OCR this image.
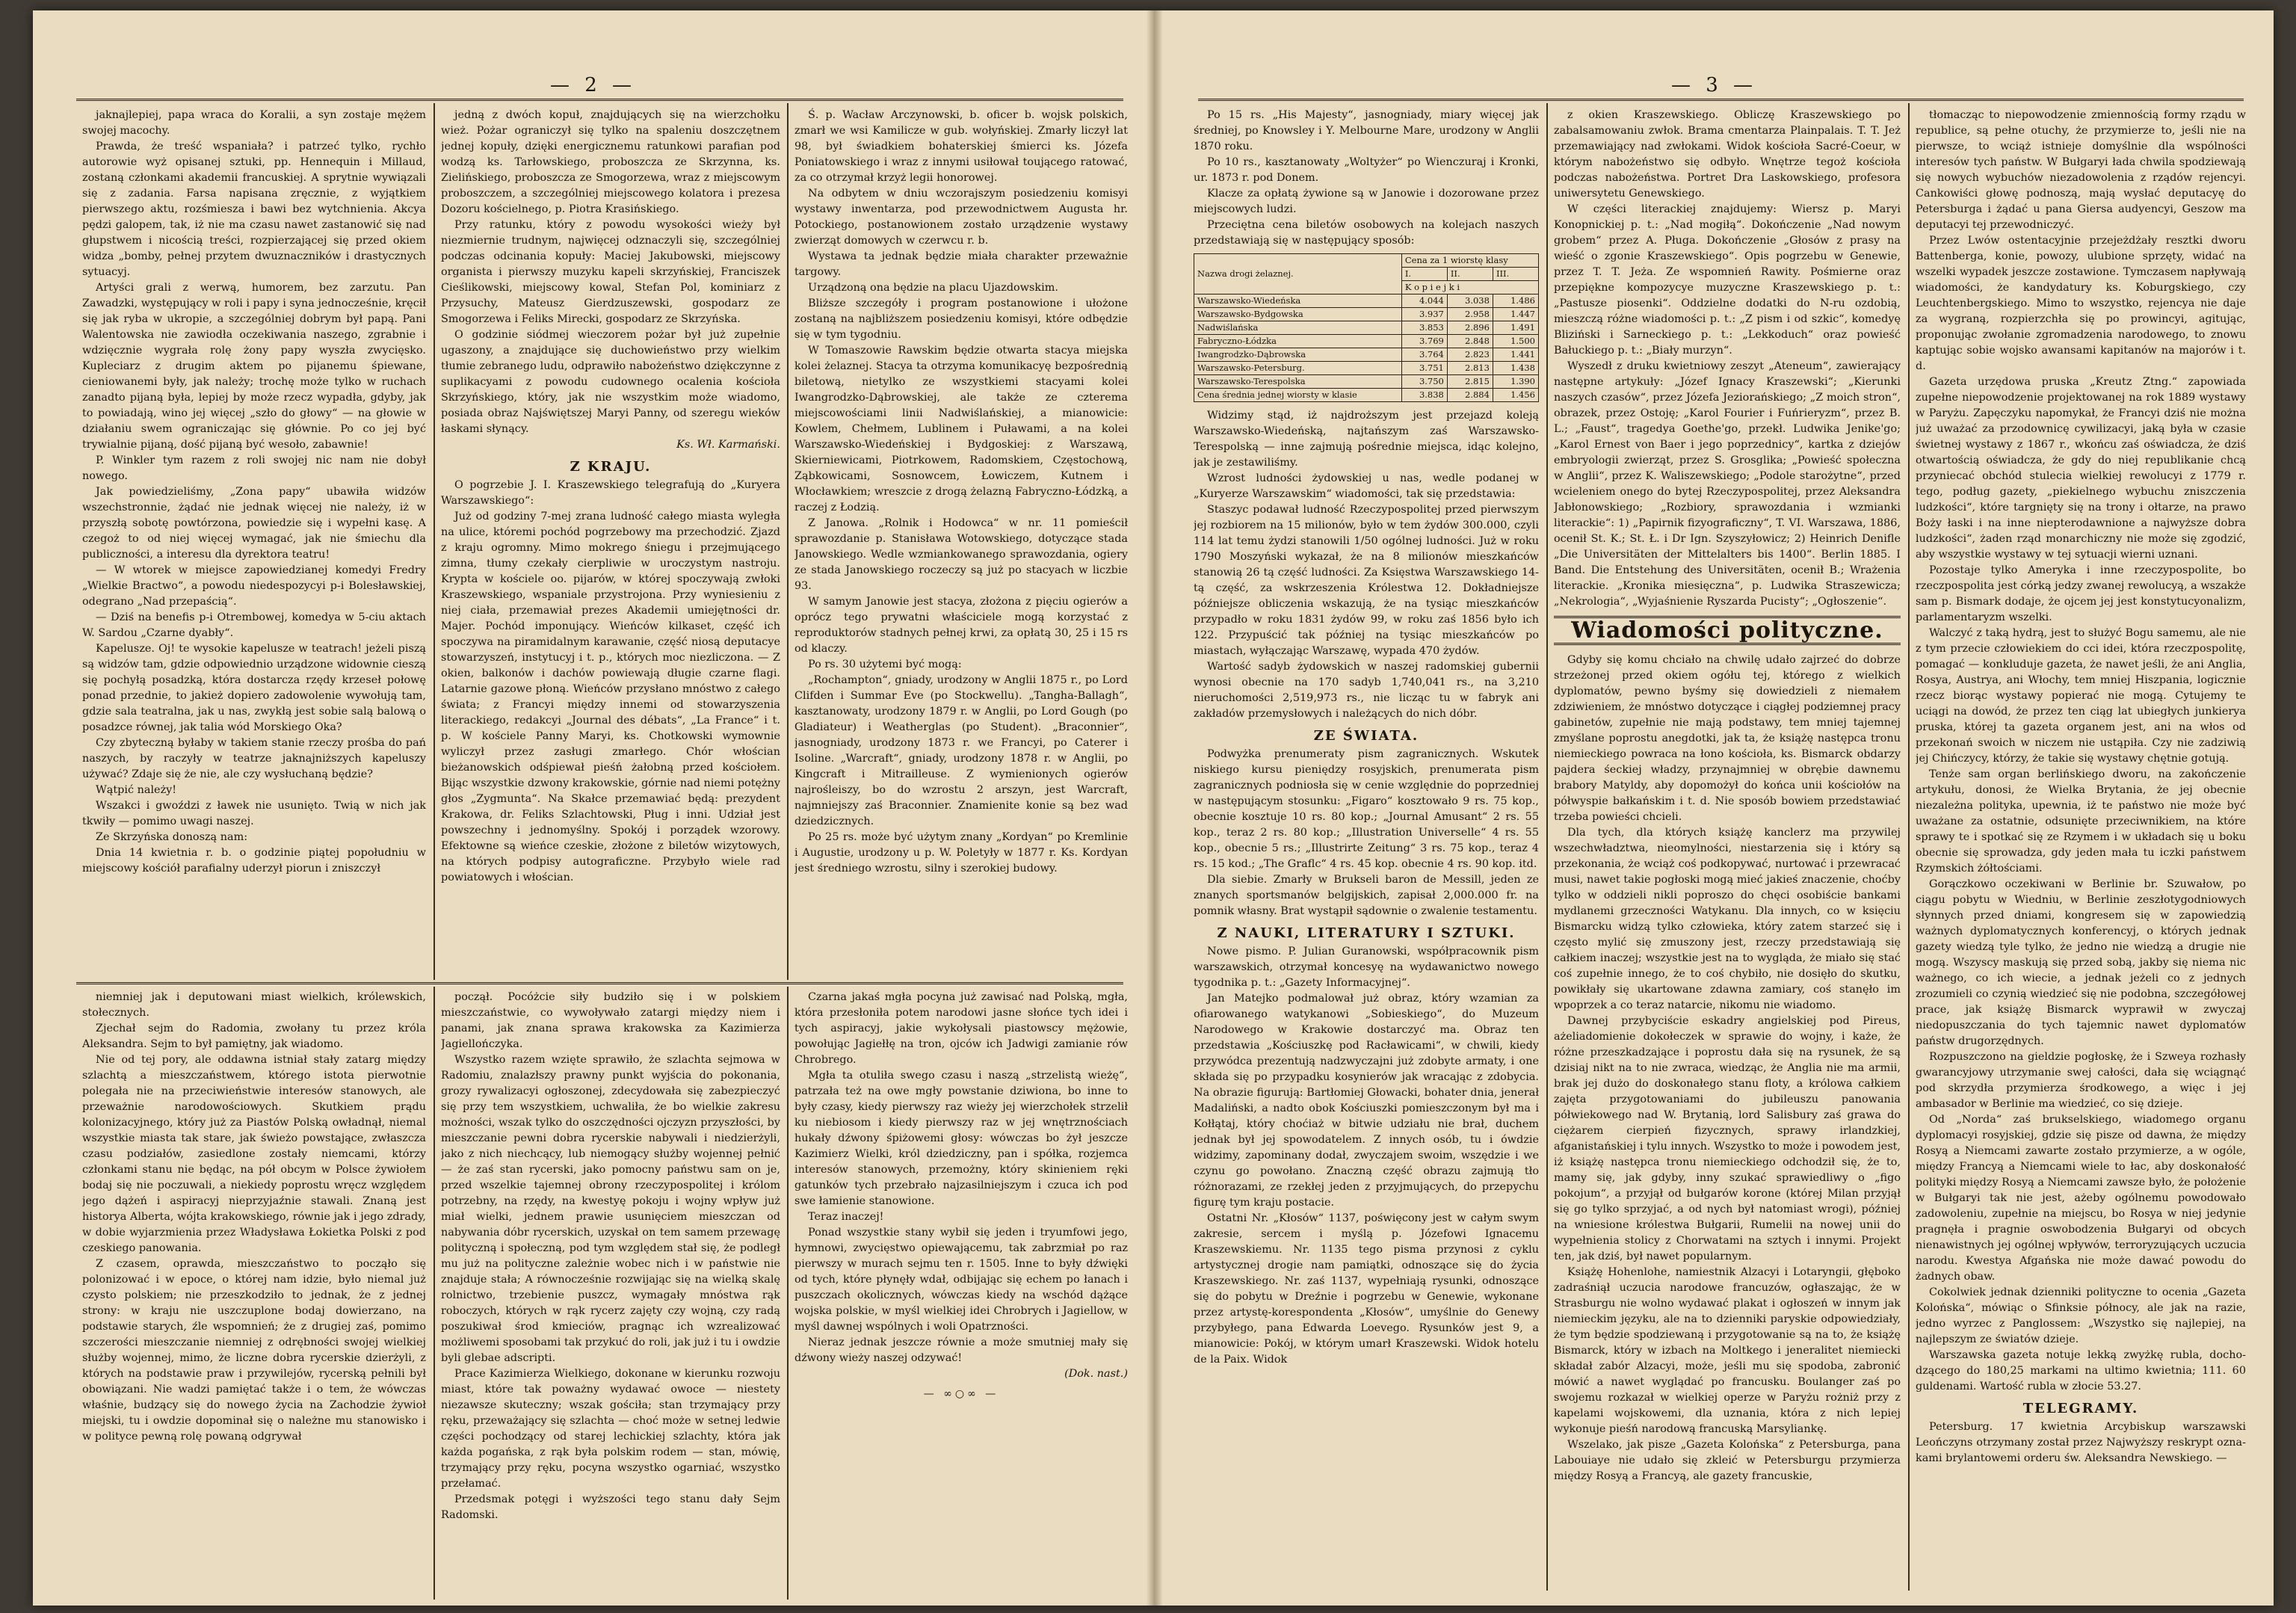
— 2 —

jaknajlepiej, papa wraca do Koralii, a syn zostaje mężem swojej macochy.

Prawda, że treść wspaniała? i patrzeć tylko, rychło autorowie wyż opisanej sztuki, pp. Hennequin i Millaud, zostaną członkami akademii francuskiej. A sprytnie wywiązali się z zadania. Farsa napisana zręcznie, z wyjątkiem pierwszego aktu, rozśmiesza i bawi bez wytchnienia. Akcya pędzi galopem, tak, iż nie ma czasu nawet zastanowić się nad głupstwem i nicością treści, rozpierzającej się przed okiem widza „bomby, pełnej przytem dwuznaczników i drastycznych sytuacyj.

Artyści grali z werwą, humorem, bez zarzutu. Pan Zawadzki, występujący w roli i papy i syna jednocześnie, kręcił się jak ryba w ukropie, a szczególniej dobrym był papą. Pani Walentowska nie zawiodła oczekiwania naszego, zgrabnie i wdzięcznie wygrała rolę żony papy wyszła zwycięsko. Kupleciarz z drugim aktem po pijanemu śpiewane, cieniowanemi były, jak należy; trochę może tylko w ruchach zanadto pijaną była, lepiej by może rzecz wypadła, gdyby, jak to powiadają, wino jej więcej „szło do głowy“ — na głowie w działaniu swem ograniczając się głównie. Po co jej być trywialnie pijaną, dość pijaną być wesoło, zabawnie!

P. Winkler tym razem z roli swojej nic nam nie dobył nowego.

Jak powiedzieliśmy, „Zona papy“ ubawiła widzów wszechstronnie, żądać nie jednak więcej nie należy, iż w przyszłą sobotę powtórzona, powiedzie się i wypełni kasę. A czegoż to od niej więcej wymagać, jak nie śmiechu dla publiczności, a interesu dla dyrektora teatru!

— W wtorek w miejsce zapowiedzianej komedyi Fredry „Wielkie Bractwo“, a powodu niedespozycyi p-i Bolesławskiej, odegrano „Nad przepaścią“.

— Dziś na benefis p-i Otrembowej, komedya w 5-ciu aktach W. Sardou „Czarne dyabły“.

Kapelusze. Oj! te wysokie kapelusze w teatrach! jeżeli piszą są widzów tam, gdzie odpowiednio urządzone widownie cieszą się pochyłą posadzką, która dostarcza rzędy krzeseł połowę ponad przednie, to jakież dopiero zadowolenie wywołują tam, gdzie sala teatralna, jak u nas, zwykłą jest sobie salą balową o posadzce równej, jak talia wód Morskiego Oka?

Czy zbyteczną byłaby w takiem stanie rzeczy prośba do pań naszych, by raczyły w teatrze jaknajniższych kapeluszy używać? Zdaje się że nie, ale czy wysłuchaną będzie?

Wątpić należy!

Wszakci i gwoździ z ławek nie usunięto. Twią w nich jak tkwiły — pomimo uwagi naszej.

Ze Skrzyńska donoszą nam:

Dnia 14 kwietnia r. b. o godzinie piątej popołudniu w miejscowy kościół parafialny uderzył piorun i zniszczył

jedną z dwóch kopuł, znajdujących się na wierzchołku wież. Pożar ograniczył się tylko na spaleniu doszczętnem jednej kopuły, dzięki energicznemu ratunkowi parafian pod wodzą ks. Tarłowskiego, proboszcza ze Skrzynna, ks. Zielińskiego, proboszcza ze Smogorzewa, wraz z miejscowym proboszczem, a szczególniej miejscowego kolatora i prezesa Dozoru kościelnego, p. Piotra Krasińskiego.

Przy ratunku, który z powodu wysokości wieży był niezmiernie trudnym, najwięcej odznaczyli się, szczególniej podczas odcinania kopuły: Maciej Jakubowski, miejscowy organista i pierwszy muzyku kapeli skrzyńskiej, Franciszek Cieślikowski, miejscowy kowal, Stefan Pol, kominiarz z Przysuchy, Mateusz Gierdzuszewski, gospodarz ze Smogorzewa i Feliks Mirecki, gospodarz ze Skrzyńska.

O godzinie siódmej wieczorem pożar był już zupełnie ugaszony, a znajdujące się duchowieństwo przy wielkim tłumie zebranego ludu, odprawiło nabożeństwo dziękczynne z suplikacyami z powodu cudownego ocalenia kościoła Skrzyńskiego, który, jak nie wszystkim może wiadomo, posiada obraz Najświętszej Maryi Panny, od szeregu wieków łaskami słynący.

Ks. Wł. Karmański.

Z KRAJU.

O pogrzebie J. I. Kraszewskiego telegrafują do „Kuryera Warszawskiego“:

Już od godziny 7-mej zrana ludność całego miasta wyległa na ulice, któremi pochód pogrzebowy ma przechodzić. Zjazd z kraju ogromny. Mimo mokrego śniegu i przejmującego zimna, tłumy czekały cierpliwie w uroczystym nastroju. Krypta w kościele oo. pijarów, w której spoczywają zwłoki Kraszewskiego, wspaniale przystrojona. Przy wyniesieniu z niej ciała, przemawiał prezes Akademii umiejętności dr. Majer. Pochód imponujący. Wieńców kilkaset, część ich spoczywa na piramidalnym karawanie, część niosą deputacye stowarzyszeń, instytucyj i t. p., których moc niezliczona. — Z okien, balkonów i dachów powiewają długie czarne flagi. Latarnie gazowe płoną. Wieńców przysłano mnóstwo z całego świata; z Francyi między innemi od stowarzyszenia literackiego, redakcyi „Journal des débats“, „La France“ i t. p. W kościele Panny Maryi, ks. Chotkowski wymownie wyliczył przez zasługi zmarłego. Chór włościan bieżanowskich odśpiewał pieśń żałobną przed kościołem. Bijąc wszystkie dzwony krakowskie, górnie nad niemi potężny głos „Zygmunta“. Na Skałce przemawiać będą: prezydent Krakowa, dr. Feliks Szlachtowski, Pług i inni. Udział jest powszechny i jednomyślny. Spokój i porządek wzorowy. Efektowne są wieńce czeskie, złożone z biletów wizytowych, na których podpisy autograficzne. Przybyło wiele rad powiatowych i włościan.

Ś. p. Wacław Arczynowski, b. oficer b. wojsk polskich, zmarł we wsi Kamilicze w gub. wołyńskiej. Zmarły liczył lat 98, był świadkiem bohaterskiej śmierci ks. Józefa Poniatowskiego i wraz z innymi usiłował toującego ratować, za co otrzymał krzyż legii honorowej.

Na odbytem w dniu wczorajszym posiedzeniu komisyi wystawy inwentarza, pod przewodnictwem Augusta hr. Potockiego, postanowionem zostało urządzenie wystawy zwierząt domowych w czerwcu r. b.

Wystawa ta jednak będzie miała charakter przeważnie targowy.

Urządzoną ona będzie na placu Ujazdowskim.

Bliższe szczegóły i program postanowione i ułożone zostaną na najbliższem posiedzeniu komisyi, które odbędzie się w tym tygodniu.

W Tomaszowie Rawskim będzie otwarta stacya miejska kolei żelaznej. Stacya ta otrzyma komunikacyę bezpośrednią biletową, nietylko ze wszystkiemi stacyami kolei Iwangrodzko-Dąbrowskiej, ale także ze czterema miejscowościami linii Nadwiślańskiej, a mianowicie: Kowlem, Chełmem, Lublinem i Puławami, a na kolei Warszawsko-Wiedeńskiej i Bydgoskiej: z Warszawą, Skierniewicami, Piotrkowem, Radomskiem, Częstochową, Ząbkowicami, Sosnowcem, Łowiczem, Kutnem i Włocławkiem; wreszcie z drogą żelazną Fabryczno-Łódzką, a raczej z Łodzią.

Z Janowa. „Rolnik i Hodowca“ w nr. 11 pomieścił sprawozdanie p. Stanisława Wotowskiego, dotyczące stada Janowskiego. Wedle wzmiankowanego sprawozdania, ogiery ze stada Janowskiego roczeczy są już po stacyach w liczbie 93.

W samym Janowie jest stacya, złożona z pięciu ogierów a oprócz tego prywatni właściciele mogą korzystać z reproduktorów stadnych pełnej krwi, za opłatą 30, 25 i 15 rs od klaczy.

Po rs. 30 użytemi być mogą:

„Rochampton“, gniady, urodzony w Anglii 1875 r., po Lord Clifden i Summar Eve (po Stockwellu). „Tangha-Ballagh“, kasztanowaty, urodzony 1879 r. w Anglii, po Lord Gough (po Gladiateur) i Weatherglas (po Student). „Braconnier“, jasnogniady, urodzony 1873 r. we Francyi, po Caterer i Isoline. „Warcraft“, gniady, urodzony 1878 r. w Anglii, po Kingcraft i Mitrailleuse. Z wymienionych ogierów najrośleiszy, bo do wzrostu 2 arszyn, jest Warcraft, najmniejszy zaś Braconnier. Znamienite konie są bez wad dziedzicznych.

Po 25 rs. może być użytym znany „Kordyan“ po Kremlinie i Augustie, urodzony u p. W. Poletyły w 1877 r. Ks. Kordyan jest średniego wzrostu, silny i szerokiej budowy.

niemniej jak i deputowani miast wielkich, królewskich, stołecznych.

Zjechał sejm do Radomia, zwołany tu przez króla Aleksandra. Sejm to był pamiętny, jak wiadomo.

Nie od tej pory, ale oddawna istniał stały zatarg między szlachtą a mieszczaństwem, którego istota pierwotnie polegała nie na przeciwieństwie interesów stanowych, ale przeważnie narodowościowych. Skutkiem prądu kolonizacyjnego, który już za Piastów Polską owładnął, niemal wszystkie miasta tak stare, jak świeżo powstające, zwłaszcza czasu podziałów, zasiedlone zostały niemcami, którzy członkami stanu nie będąc, na pół obcym w Polsce żywiołem bodaj się nie poczuwali, a niekiedy poprostu wręcz względem jego dążeń i aspiracyj nieprzyjaźnie stawali. Znaną jest historya Alberta, wójta krakowskiego, równie jak i jego zdrady, w dobie wyjarzmienia przez Władysława Łokietka Polski z pod czeskiego panowania.

Z czasem, oprawda, mieszczaństwo to począło się polonizować i w epoce, o której nam idzie, było niemal już czysto polskiem; nie przeszkodziło to jednak, że z jednej strony: w kraju nie uszczuplone bodaj dowierzano, na podstawie starych, źle wspomnień; że z drugiej zaś, pomimo szczerości mieszczanie niemniej z odrębności swojej wielkiej służby wojennej, mimo, że liczne dobra rycerskie dzierżyli, z których na podstawie praw i przywilejów, rycerską pełnili był obowiązani. Nie wadzi pamiętać także i o tem, że wówczas właśnie, budzący się do nowego życia na Zachodzie żywioł miejski, tu i owdzie dopominał się o należne mu stanowisko i w polityce pewną rolę powaną odgrywał

począł. Pocóżcie siły budziło się i w polskiem mieszczaństwie, co wywoływało zatargi między niem i panami, jak znana sprawa krakowska za Kazimierza Jagiellończyka.

Wszystko razem wzięte sprawiło, że szlachta sejmowa w Radomiu, znalazłszy prawny punkt wyjścia do pokonania, grozy rywalizacyi ogłoszonej, zdecydowała się zabezpieczyć się przy tem wszystkiem, uchwaliła, że bo wielkie zakresu możności, wszak tylko do oszczędności ojczyzn przyszłości, by mieszczanie pewni dobra rycerskie nabywali i niedzierżyli, jako z nich niechcący, lub niemogący służby wojennej pełnić — że zaś stan rycerski, jako pomocny państwu sam on je, przed wszelkie tajemnej obrony rzeczypospolitej i królom potrzebny, na rzędy, na kwestyę pokoju i wojny wpływ już miał wielki, jednem prawie usunięciem mieszczan od nabywania dóbr rycerskich, uzyskał on tem samem przewagę polityczną i społeczną, pod tym względem stał się, że podległ mu już na polityczne zależnie wobec nich i w państwie nie znajduje stała; A równocześnie rozwijając się na wielką skalę rolnictwo, trzebienie puszcz, wymagały mnóstwa rąk roboczych, których w rąk rycerz zajęty czy wojną, czy radą poszukiwał środ kmieciów, pragnąc ich wzrealizować możliwemi sposobami tak przykuć do roli, jak już i tu i owdzie byli glebae adscripti.

Prace Kazimierza Wielkiego, dokonane w kierunku rozwoju miast, które tak poważny wydawać owoce — niestety niezawsze skuteczny; wszak gościła; stan trzymający przy ręku, przeważający się szlachta — choć może w setnej ledwie części pochodzący od starej lechickiej szlachty, która jak każda pogańska, z rąk była polskim rodem — stan, mówię, trzymający przy ręku, pocyna wszystko ogarniać, wszystko przełamać.

Przedsmak potęgi i wyższości tego stanu dały Sejm Radomski.

Czarna jakaś mgła pocyna już zawisać nad Polską, mgła, która przesłoniła potem narodowi jasne słońce tych idei i tych aspiracyj, jakie wykołysali piastowscy mężowie, powołując Jagiełłę na tron, ojców ich Jadwigi zamianie rów Chrobrego.

Mgła ta otuliła swego czasu i naszą „strzelistą wieżę“, patrzała też na owe mgły powstanie dziwiona, bo inne to były czasy, kiedy pierwszy raz wieży jej wierzchołek strzelił ku niebiosom i kiedy pierwszy raz w jej wnętrznościach hukały dźwony śpiżowemi głosy: wówczas bo żył jeszcze Kazimierz Wielki, król dziedziczny, pan i spółka, rozjemca interesów stanowych, przemożny, który skinieniem ręki gatunków tych przebrało najzasilniejszym i czuca ich pod swe łamienie stanowione.

Teraz inaczej!

Ponad wszystkie stany wybił się jeden i tryumfowi jego, hymnowi, zwycięstwo opiewającemu, tak zabrzmiał po raz pierwszy w murach sejmu ten r. 1505. Inne to były dźwięki od tych, które płynęły wdał, odbijając się echem po łanach i puszczach okolicznych, wówczas kiedy na wschód dążące wojska polskie, w myśl wielkiej idei Chrobrych i Jagiellow, w myśl dawnej wspólnych i woli Opatrzności.

Nieraz jednak jeszcze równie a może smutniej mały się dźwony wieży naszej odzywać!

(Dok. nast.)

— ∞○∞ —
— 3 —

Po 15 rs. „His Majesty“, jasnogniady, miary więcej jak średniej, po Knowsley i Y. Melbourne Mare, urodzony w Anglii 1870 roku.

Po 10 rs., kasztanowaty „Woltyżer“ po Wienczuraj i Kronki, ur. 1873 r. pod Donem.

Klacze za opłatą żywione są w Janowie i dozorowane przez miejscowych ludzi.

Przeciętna cena biletów osobowych na kolejach naszych przedstawiają się w następujący sposób:

Nazwa drogi żelaznej.	Cena za 1 wiorstę klasy		
	I.	II.	III.
	K o p i e j k i		
Warszawsko-Wiedeńska	4.044	3.038	1.486
Warszawsko-Bydgowska	3.937	2.958	1.447
Nadwiślańska	3.853	2.896	1.491
Fabryczno-Łódzka	3.769	2.848	1.500
Iwangrodzko-Dąbrowska	3.764	2.823	1.441
Warszawsko-Petersburg.	3.751	2.813	1.438
Warszawsko-Terespolska	3.750	2.815	1.390
Cena średnia jednej wiorsty w klasie	3.838	2.884	1.456

Widzimy stąd, iż najdroższym jest przejazd koleją Warszawsko-Wiedeńską, najtańszym zaś Warszawsko-Terespolską — inne zajmują pośrednie miejsca, idąc kolejno, jak je zestawiliśmy.

Wzrost ludności żydowskiej u nas, wedle podanej w „Kuryerze Warszawskim“ wiadomości, tak się przedstawia:

Staszyc podawał ludność Rzeczypospolitej przed pierwszym jej rozbiorem na 15 milionów, było w tem żydów 300.000, czyli 114 lat temu żydzi stanowili 1/50 ogólnej ludności. Już w roku 1790 Moszyński wykazał, że na 8 milionów mieszkańców stanowią 26 tą część ludności. Za Księstwa Warszawskiego 14-tą część, za wskrzeszenia Królestwa 12. Dokładniejsze późniejsze obliczenia wskazują, że na tysiąc mieszkańców przypadło w roku 1831 żydów 99, w roku zaś 1856 było ich 122. Przypuścić tak później na tysiąc mieszkańców po miastach, wyłączając Warszawę, wypada 470 żydów.

Wartość sadyb żydowskich w naszej radomskiej gubernii wynosi obecnie na 170 sadyb 1,740,041 rs., na 3,210 nieruchomości 2,519,973 rs., nie licząc tu w fabryk ani zakładów przemysłowych i należących do nich dóbr.

ZE ŚWIATA.

Podwyżka prenumeraty pism zagranicznych. Wskutek niskiego kursu pieniędzy rosyjskich, prenumerata pism zagranicznych podniosła się w cenie względnie do poprzedniej w następującym stosunku: „Figaro“ kosztowało 9 rs. 75 kop., obecnie kosztuje 10 rs. 80 kop.; „Journal Amusant“ 2 rs. 55 kop., teraz 2 rs. 80 kop.; „Illustration Universelle“ 4 rs. 55 kop., obecnie 5 rs.; „Illustrirte Zeitung“ 3 rs. 75 kop., teraz 4 rs. 15 kod.; „The Graflc“ 4 rs. 45 kop. obecnie 4 rs. 90 kop. itd.

Dla siebie. Zmarły w Brukseli baron de Messill, jeden ze znanych sportsmanów belgijskich, zapisał 2,000.000 fr. na pomnik własny. Brat wystąpił sądownie o zwalenie testamentu.

Z NAUKI, LITERATURY I SZTUKI.

Nowe pismo. P. Julian Guranowski, współpracownik pism warszawskich, otrzymał koncesyę na wydawanictwo nowego tygodnika p. t.: „Gazety Informacyjnej“.

Jan Matejko podmalował już obraz, który wzamian za ofiarowanego watykanowi „Sobieskiego“, do Muzeum Narodowego w Krakowie dostarczyć ma. Obraz ten przedstawia „Kościuszkę pod Racławicami“, w chwili, kiedy przywódca prezentują nadzwyczajni już zdobyte armaty, i one składa się po przypadku kosynierów jak wracając z zdobycia. Na obrazie figurują: Bartłomiej Głowacki, bohater dnia, jenerał Madaliński, a nadto obok Kościuszki pomieszczonym był ma i Kołłątaj, który choćiaż w bitwie udziału nie brał, duchem jednak był jej spowodatelem. Z innych osób, tu i ówdzie widzimy, zapominany dodał, zwyczajem swoim, wszędzie i we czynu go powołano. Znaczną część obrazu zajmują tło różnorazami, ze rzekłej jeden z przyjmujących, do przepychu figurę tym kraju postacie.

Ostatni Nr. „Kłosów“ 1137, poświęcony jest w całym swym zakresie, sercem i myślą p. Józefowi Ignacemu Kraszewskiemu. Nr. 1135 tego pisma przynosi z cyklu artystycznej drogie nam pamiątki, odnoszące się do życia Kraszewskiego. Nr. zaś 1137, wypełniają rysunki, odnoszące się do pobytu w Dreźnie i pogrzebu w Genewie, wykonane przez artystę-korespondenta „Kłosów“, umyślnie do Genewy przybyłego, pana Edwarda Loevego. Rysunków jest 9, a mianowicie: Pokój, w którym umarł Kraszewski. Widok hotelu de la Paix. Widok

z okien Kraszewskiego. Obliczę Kraszewskiego po zabalsamowaniu zwłok. Brama cmentarza Plainpalais. T. T. Jeż przemawiający nad zwłokami. Widok kościoła Sacré-Coeur, w którym nabożeństwo się odbyło. Wnętrze tegoż kościoła podczas nabożeństwa. Portret Dra Laskowskiego, profesora uniwersytetu Genewskiego.

W części literackiej znajdujemy: Wiersz p. Maryi Konopnickiej p. t.: „Nad mogiłą“. Dokończenie „Nad nowym grobem“ przez A. Pługa. Dokończenie „Głosów z prasy na wieść o zgonie Kraszewskiego“. Opis pogrzebu w Genewie, przez T. T. Jeża. Ze wspomnień Rawity. Pośmierne oraz przepiękne kompozycye muzyczne Kraszewskiego p. t.: „Pastusze piosenki“. Oddzielne dodatki do N-ru ozdobią, mieszczą różne wiadomości p. t.: „Z pism i od szkic“, komedyę Bliziński i Sarneckiego p. t.: „Lekkoduch“ oraz powieść Bałuckiego p. t.: „Biały murzyn“.

Wyszedł z druku kwietniowy zeszyt „Ateneum“, zawierający następne artykuły: „Józef Ignacy Kraszewski“; „Kierunki naszych czasów“, przez Józefa Jeziorańskiego; „Z moich stron“, obrazek, przez Ostoję; „Karol Fourier i Fuńrieryzm“, przez B. L.; „Faust“, tragedya Goethe'go, przekł. Ludwika Jenike'go; „Karol Ernest von Baer i jego poprzednicy“, kartka z dziejów embryologii zwierząt, przez S. Grosglika; „Powieść społeczna w Anglii“, przez K. Waliszewskiego; „Podole starożytne“, przed wcieleniem onego do bytej Rzeczypospolitej, przez Aleksandra Jabłonowskiego; „Rozbiory, sprawozdania i wzmianki literackie“: 1) „Papirnik fizyograficzny“, T. VI. Warszawa, 1886, ocenił St. K.; St. Ł. i Dr Ign. Szyszyłowicz; 2) Heinrich Denifle „Die Universitäten der Mittelalters bis 1400“. Berlin 1885. I Band. Die Entstehung des Universitäten, ocenił B.; Wrażenia literackie. „Kronika miesięczna“, p. Ludwika Straszewicza; „Nekrologia“, „Wyjaśnienie Ryszarda Pucisty“; „Ogłoszenie“.

Wiadomości polityczne.

Gdyby się komu chciało na chwilę udało zajrzeć do dobrze strzeżonej przed okiem ogółu tej, którego z wielkich dyplomatów, pewno byśmy się dowiedzieli z niemałem zdziwieniem, że mnóstwo dotyczące i ciągłej podziemnej pracy gabinetów, zupełnie nie mają podstawy, tem mniej tajemnej zmyślane poprostu anegdotki, jak ta, że książę następca tronu niemieckiego powraca na łono kościoła, ks. Bismarck obdarzy pajdera śeckiej władzy, przynajmniej w obrębie dawnemu brabory Matyldy, aby dopomożył do końca unii kościołów na półwyspie bałkańskim i t. d. Nie sposób bowiem przedstawiać trzeba powieści chcieli.

Dla tych, dla których książę kanclerz ma przywilej wszechwładztwa, nieomylności, niestarzenia się i który są przekonania, że wciąż coś podkopywać, nurtować i przewracać musi, nawet takie pogłoski mogą mieć jakieś znaczenie, choćby tylko w oddzieli nikli poproszo do chęci osobiście bankami mydlanemi grzeczności Watykanu. Dla innych, co w księciu Bismarcku widzą tylko człowieka, który zatem starzeć się i często mylić się zmuszony jest, rzeczy przedstawiają się całkiem inaczej; wszystkie jest na to wygląda, że miało się stać coś zupełnie innego, że to coś chybiło, nie dosięło do skutku, powikłały się ukartowane zdawna zamiary, coś stanęło im wpoprzek a co teraz natarcie, nikomu nie wiadomo.

Dawnej przybyciście eskadry angielskiej pod Pireus, ażeliadomienie dokołeczek w sprawie do wojny, i każe, że różne przeszkadzające i poprostu dała się na rysunek, że są dzisiaj nikt na to nie zwraca, wiedząc, że Anglia nie ma armii, brak jej dużo do doskonałego stanu floty, a królowa całkiem zajęta przygotowaniami do jubileuszu panowania półwiekowego nad W. Brytanią, lord Salisbury zaś grawa do ciężarem cierpień fizycznych, sprawy irlandzkiej, afganistańskiej i tylu innych. Wszystko to może i powodem jest, iż książę następca tronu niemieckiego odchodził się, że to, mamy się, jak gdyby, inny szukać sprawiedliwy o „figo pokojum“, a przyjął od bułgarów korone (której Milan przyjął się go tylko sprzyjać, a od nych był natomiast wrogi), później na wniesione królestwa Bułgarii, Rumelii na nowej unii do wypełnienia stolicy z Chorwatami na sztych i innymi. Projekt ten, jak dziś, był nawet popularnym.

Książę Hohenlohe, namiestnik Alzacyi i Lotaryngii, głęboko zadraśniął uczucia narodowe francuzów, ogłaszając, że w Strasburgu nie wolno wydawać plakat i ogłoszeń w innym jak niemieckim języku, ale na to dzienniki paryskie odpowiedziały, że tym będzie spodziewaną i przygotowanie są na to, że książę Bismarck, który w izbach na Moltkego i jeneralitet niemiecki składał zabór Alzacyi, może, jeśli mu się spodoba, zabronić mówić a nawet wyglądać po francusku. Boulanger zaś po swojemu rozkazał w wielkiej operze w Paryżu rożniż przy z kapelami wojskowemi, dla uznania, która z nich lepiej wykonuje pieśń narodową francuską Marsyliankę.

Wszelako, jak pisze „Gazeta Kolońska“ z Petersburga, pana Labouiaye nie udało się zkleić w Petersburgu przymierza między Rosyą a Francyą, ale gazety francuskie,

tłomacząc to niepowodzenie zmiennością formy rządu w republice, są pełne otuchy, że przymierze to, jeśli nie na pierwsze, to wciąż istnieje domyślnie dla wspólności interesów tych państw. W Bułgaryi łada chwila spodziewają się nowych wybuchów niezadowolenia z rządów rejencyi. Cankowiści głowę podnoszą, mają wysłać deputacyę do Petersburga i żądać u pana Giersa audyencyi, Geszow ma deputacyi tej przewodniczyć.

Przez Lwów ostentacyjnie przejeżdżały resztki dworu Battenberga, konie, powozy, ulubione sprzęty, widać na wszelki wypadek jeszcze zostawione. Tymczasem napływają wiadomości, że kandydatury ks. Koburgskiego, czy Leuchtenbergskiego. Mimo to wszystko, rejencya nie daje za wygraną, rozpierzchła się po prowincyi, agitując, proponując zwołanie zgromadzenia narodowego, to znowu kaptując sobie wojsko awansami kapitanów na majorów i t. d.

Gazeta urzędowa pruska „Kreutz Ztng.“ zapowiada zupełne niepowodzenie projektowanej na rok 1889 wystawy w Paryżu. Zapęczyku napomykał, że Francyi dziś nie można już uważać za przodownicę cywilizacyi, jaką była w czasie świetnej wystawy z 1867 r., wkońcu zaś oświadcza, że dziś otwartością oświadcza, że gdy do niej republikanie chcą przyniecać obchód stulecia wielkiej rewolucyi z 1779 r. tego, podług gazety, „piekielnego wybuchu zniszczenia ludzkości“, które targnięty się na trony i ołtarze, na prawo Boży łaski i na inne niepterodawnione a najwyższe dobra ludzkości“, żaden rząd monarchiczny nie może się zgodzić, aby wszystkie wystawy w tej sytuacji wierni uznani.

Pozostaje tylko Ameryka i inne rzeczypospolite, bo rzeczpospolita jest córką jedzy zwanej rewolucyą, a wszakże sam p. Bismark dodaje, że ojcem jej jest konstytucyonalizm, parlamentaryzm wszelki.

Walczyć z taką hydrą, jest to służyć Bogu samemu, ale nie z tym przecie człowiekiem do cci idei, która rzeczpospolitę, pomagać — konkluduje gazeta, że nawet jeśli, że ani Anglia, Rosya, Austrya, ani Włochy, tem mniej Hiszpania, logicznie rzecz biorąc wystawy popierać nie mogą. Cytujemy te uciągi na dowód, że przez ten ciąg lat ubiegłych junkierya pruska, której ta gazeta organem jest, ani na włos od przekonań swoich w niczem nie ustąpiła. Czy nie zadziwią jej Chińczycy, którzy, że takie się wystawy chętnie gotują.

Tenże sam organ berlińskiego dworu, na zakończenie artykułu, donosi, że Wielka Brytania, że jej obecnie niezależna polityka, upewnia, iż te państwo nie może być uważane za ostatnie, odsunięte przeciwnikiem, na które sprawy te i spotkać się ze Rzymem i w układach się u boku obecnie się sprowadza, gdy jeden mała tu iczki państwem Rzymskich żółtościami.

Gorączkowo oczekiwani w Berlinie br. Szuwałow, po ciągu pobytu w Wiedniu, w Berlinie zeszłotygodniowych słynnych przed dniami, kongresem się w zapowiedzią ważnych dyplomatycznych konferencyj, o których jednak gazety wiedzą tyle tylko, że jedno nie wiedzą a drugie nie mogą. Wszyscy maskują się przed sobą, jakby się niema nic ważnego, co ich wiecie, a jednak jeżeli co z jednych zrozumieli co czynią wiedzieć się nie podobna, szczegółowej prace, jak książę Bismarck wyprawił w zwyczaj niedopuszczania do tych tajemnic nawet dyplomatów państw drugorzędnych.

Rozpuszczono na gieldzie pogłoskę, że i Szweya rozhasły gwarancyjowy utrzymanie swej całości, dała się wciągnąć pod skrzydła przymierza środkowego, a więc i jej ambasador w Berlinie ma wiedzieć, co się dzieje.

Od „Norda“ zaś brukselskiego, wiadomego organu dyplomacyi rosyjskiej, gdzie się pisze od dawna, że między Rosyą a Niemcami zawarte zostało przymierze, a w ogóle, między Francyą a Niemcami wiele to łac, aby doskonałość polityki między Rosyą a Niemcami zawsze było, że położenie w Bułgaryi tak nie jest, ażeby ogólnemu powodowało zadowoleniu, zupełnie na miejscu, bo Rosya w niej jedynie pragnęła i pragnie oswobodzenia Bułgaryi od obcych nienawistnych jej ogólnej wpływów, terroryzujących uczucia narodu. Kwestya Afgańska nie może dawać powodu do żadnych obaw.

Cokolwiek jednak dzienniki polityczne to ocenia „Gazeta Kolońska“, mówiąc o Sfinksie północy, ale jak na razie, jedno wyrzec z Panglossem: „Wszystko się najlepiej, na najlepszym ze światów dzieje.

Warszawska gazeta notuje lekką zwyżkę rubla, docho-dzącego do 180,25 markami na ultimo kwietnia; 111. 60 guldenami. Wartość rubla w złocie 53.27.

TELEGRAMY.

Petersburg. 17 kwietnia Arcybiskup warszawski Leończyns otrzymany został przez Najwyższy reskrypt ozna-kami brylantowemi orderu św. Aleksandra Newskiego. —
